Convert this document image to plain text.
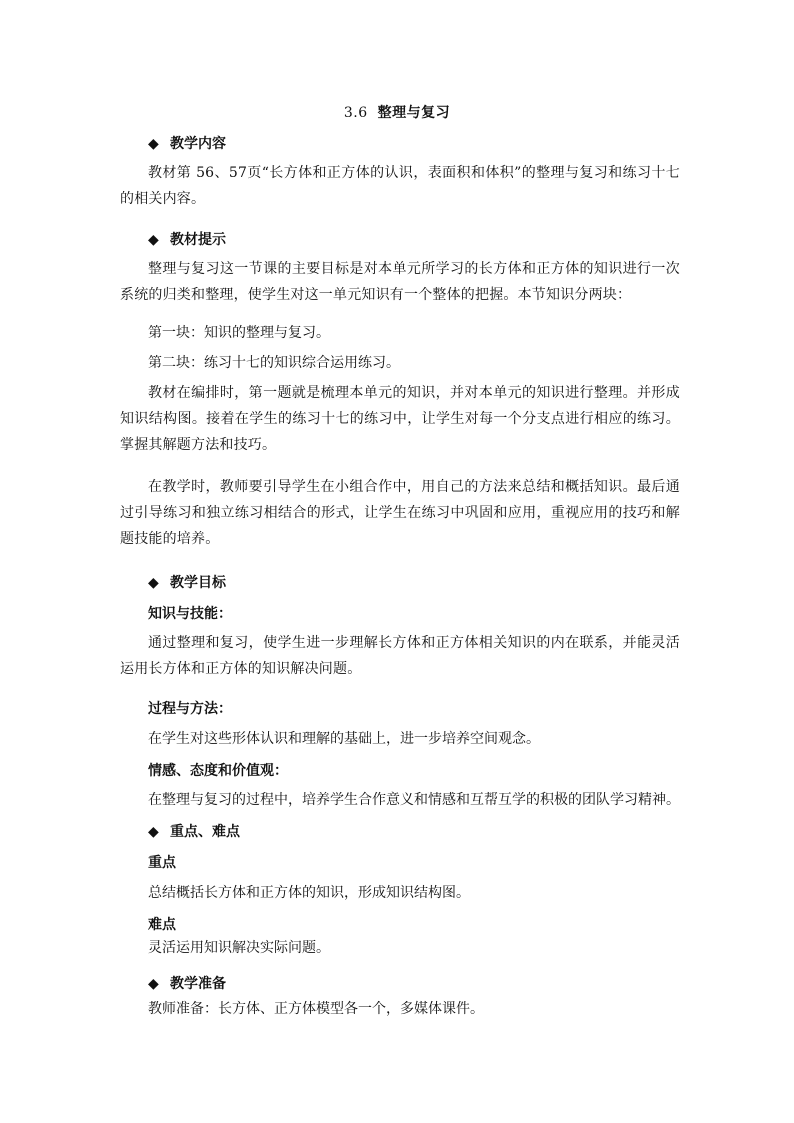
3.6 整理与复习
◆ 教学内容
教材第 56、57页“长方体和正方体的认识，表面积和体积”的整理与复习和练习十七的相关内容。
◆ 教材提示
整理与复习这一节课的主要目标是对本单元所学习的长方体和正方体的知识进行一次系统的归类和整理，使学生对这一单元知识有一个整体的把握。本节知识分两块：
第一块：知识的整理与复习。
第二块：练习十七的知识综合运用练习。
教材在编排时，第一题就是梳理本单元的知识，并对本单元的知识进行整理。并形成知识结构图。接着在学生的练习十七的练习中，让学生对每一个分支点进行相应的练习。掌握其解题方法和技巧。
在教学时，教师要引导学生在小组合作中，用自己的方法来总结和概括知识。最后通过引导练习和独立练习相结合的形式，让学生在练习中巩固和应用，重视应用的技巧和解题技能的培养。
◆ 教学目标
知识与技能：
通过整理和复习，使学生进一步理解长方体和正方体相关知识的内在联系，并能灵活运用长方体和正方体的知识解决问题。
过程与方法：
在学生对这些形体认识和理解的基础上，进一步培养空间观念。
情感、态度和价值观：
在整理与复习的过程中，培养学生合作意义和情感和互帮互学的积极的团队学习精神。
◆ 重点、难点
重点
总结概括长方体和正方体的知识，形成知识结构图。
难点
灵活运用知识解决实际问题。
◆ 教学准备
教师准备：长方体、正方体模型各一个，多媒体课件。
